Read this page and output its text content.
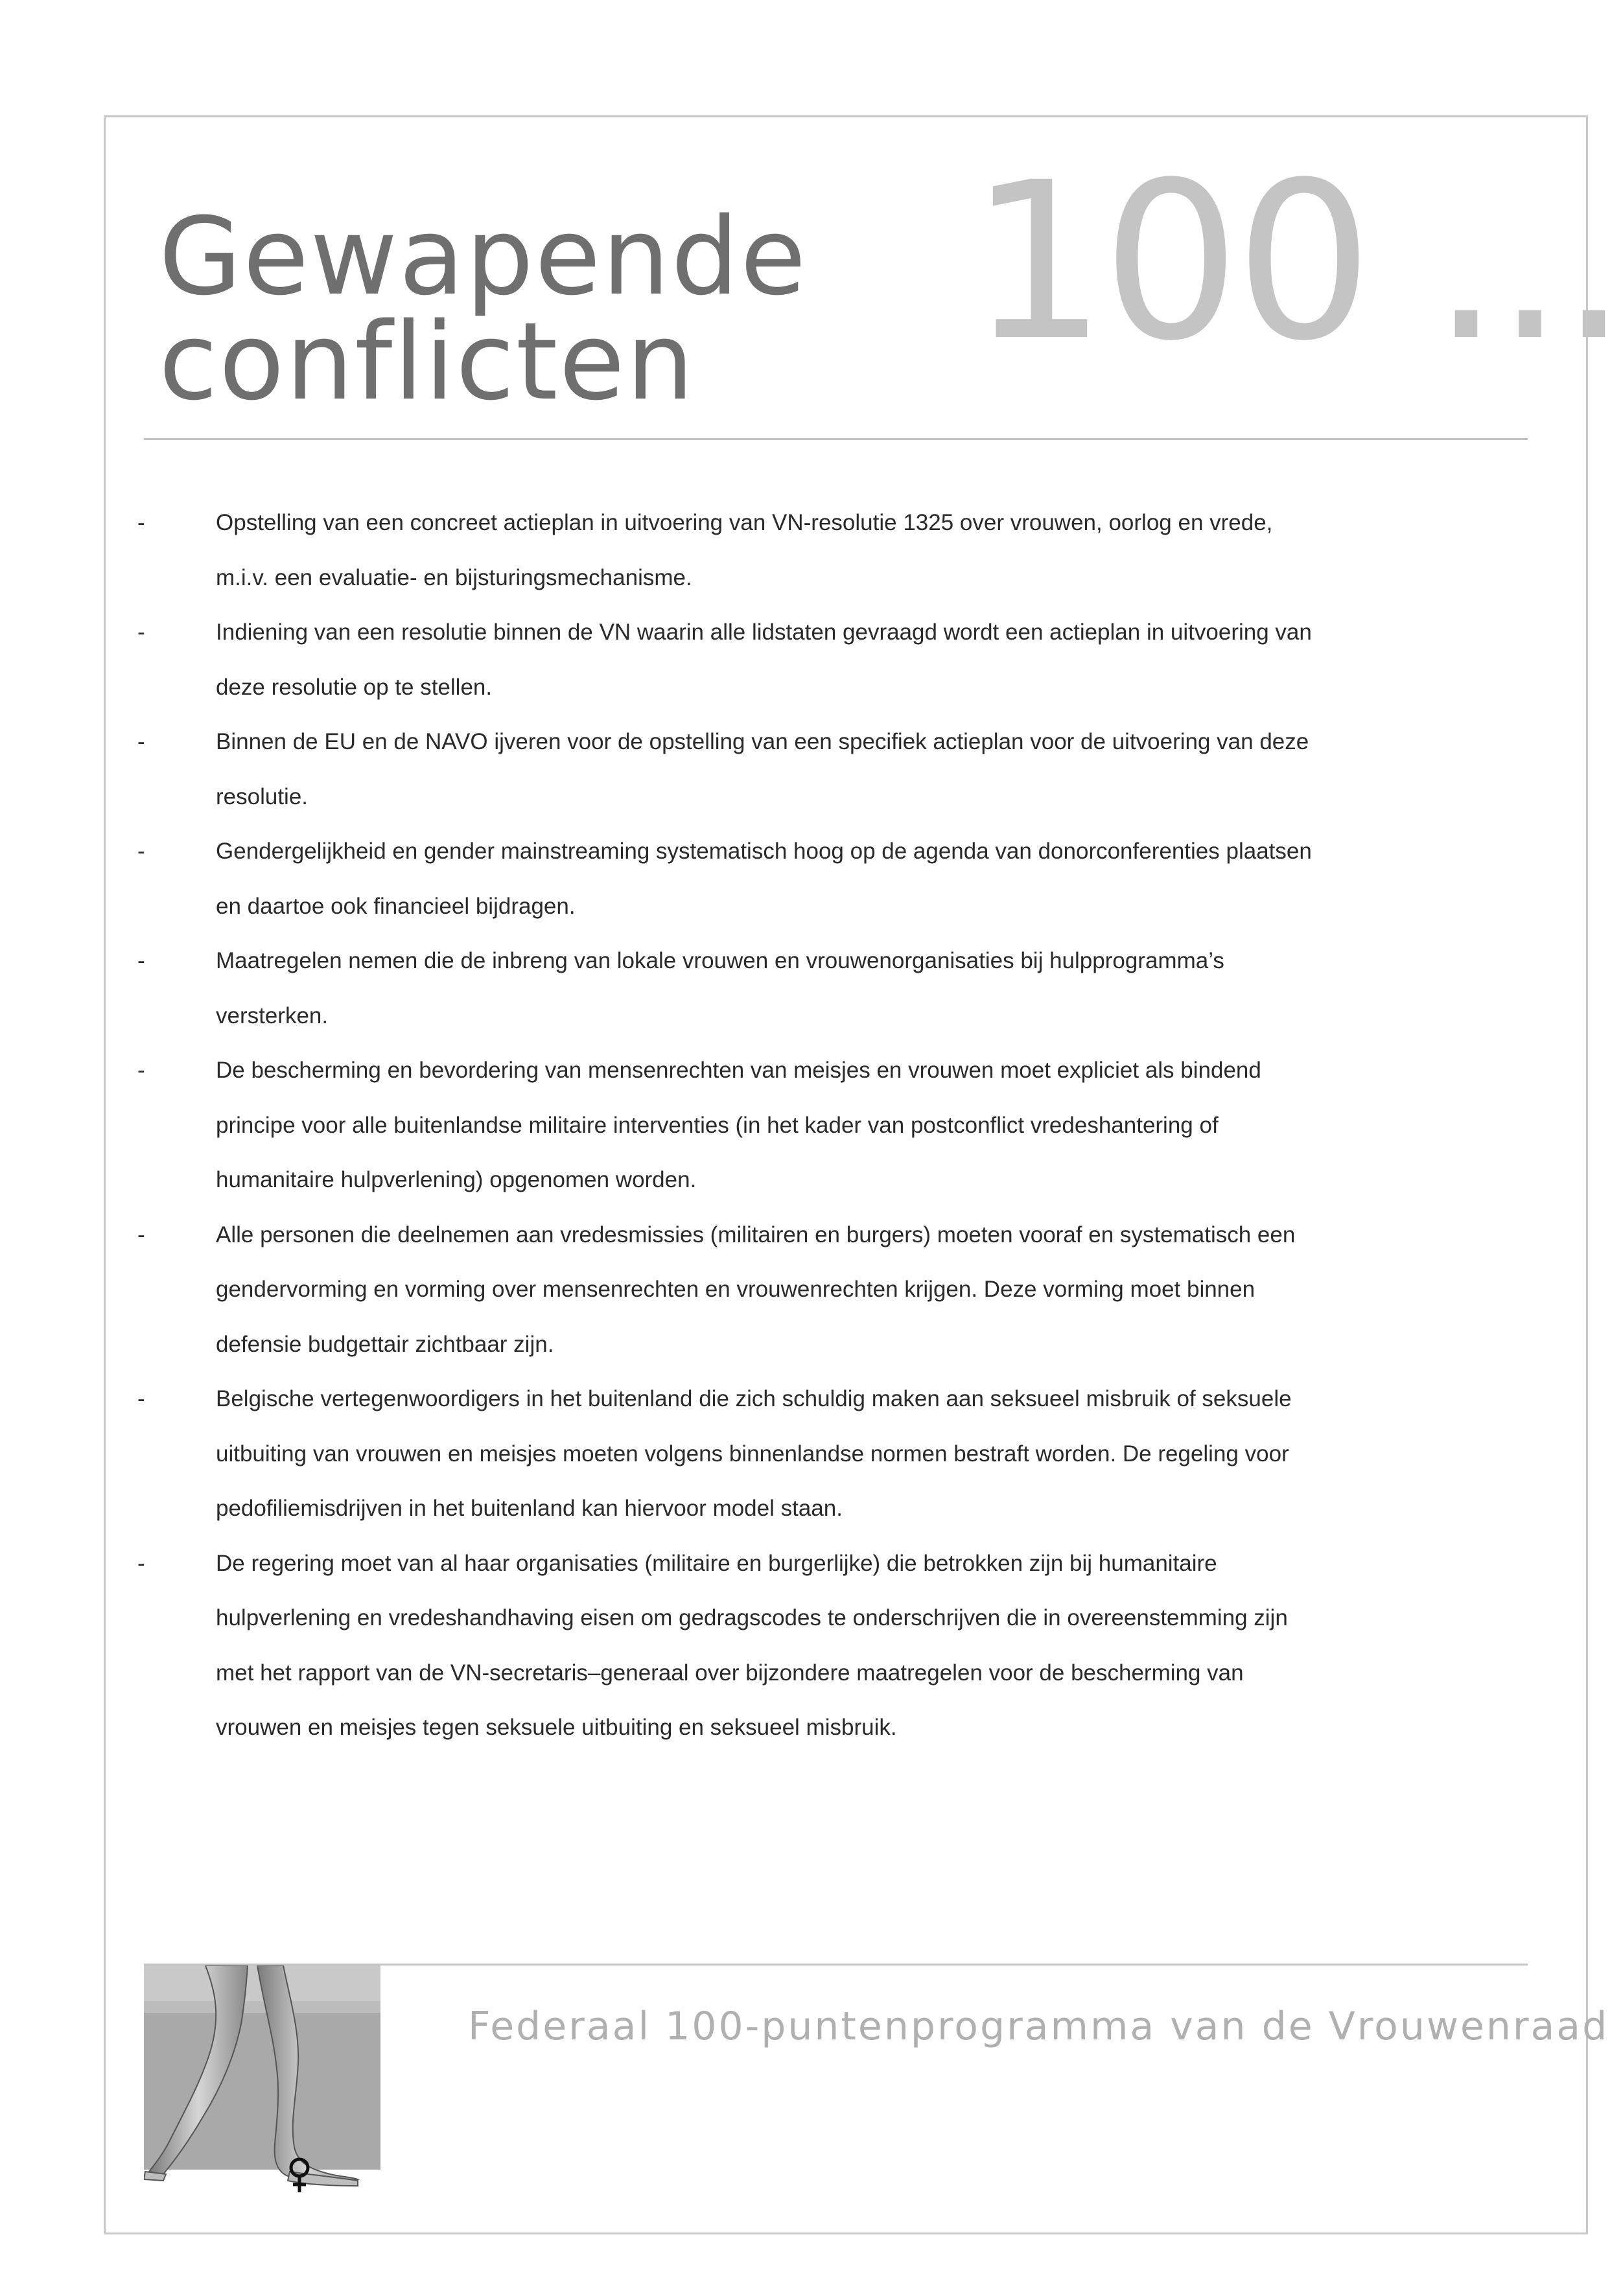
Gewapende
conflicten	100 ...
-	Opstelling van een concreet actieplan in uitvoering van VN-resolutie 1325 over vrouwen, oorlog en vrede, m.i.v. een evaluatie- en bijsturingsmechanisme.
-	Indiening van een resolutie binnen de VN waarin alle lidstaten gevraagd wordt een actieplan in uitvoering van deze resolutie op te stellen.
-	Binnen de EU en de NAVO ijveren voor de opstelling van een specifiek actieplan voor de uitvoering van deze resolutie.
-	Gendergelijkheid en gender mainstreaming systematisch hoog op de agenda van donorconferenties plaatsen en daartoe ook financieel bijdragen.
-	Maatregelen nemen die de inbreng van lokale vrouwen en vrouwenorganisaties bij hulpprogramma’s versterken.
-	De bescherming en bevordering van mensenrechten van meisjes en vrouwen moet expliciet als bindend principe voor alle buitenlandse militaire interventies (in het kader van postconflict vredeshantering of humanitaire hulpverlening) opgenomen worden.
-	Alle personen die deelnemen aan vredesmissies (militairen en burgers) moeten vooraf en systematisch een gendervorming en vorming over mensenrechten en vrouwenrechten krijgen. Deze vorming moet binnen defensie budgettair zichtbaar zijn.
-	Belgische vertegenwoordigers in het buitenland die zich schuldig maken aan seksueel misbruik of seksuele uitbuiting van vrouwen en meisjes moeten volgens binnenlandse normen bestraft worden. De regeling voor pedofiliemisdrijven in het buitenland kan hiervoor model staan.
-	De regering moet van al haar organisaties (militaire en burgerlijke) die betrokken zijn bij humanitaire hulpverlening en vredeshandhaving eisen om gedragscodes te onderschrijven die in overeenstemming zijn met het rapport van de VN-secretaris–generaal over bijzondere maatregelen voor de bescherming van vrouwen en meisjes tegen seksuele uitbuiting en seksueel misbruik.
Federaal 100-puntenprogramma van de Vrouwenraad
